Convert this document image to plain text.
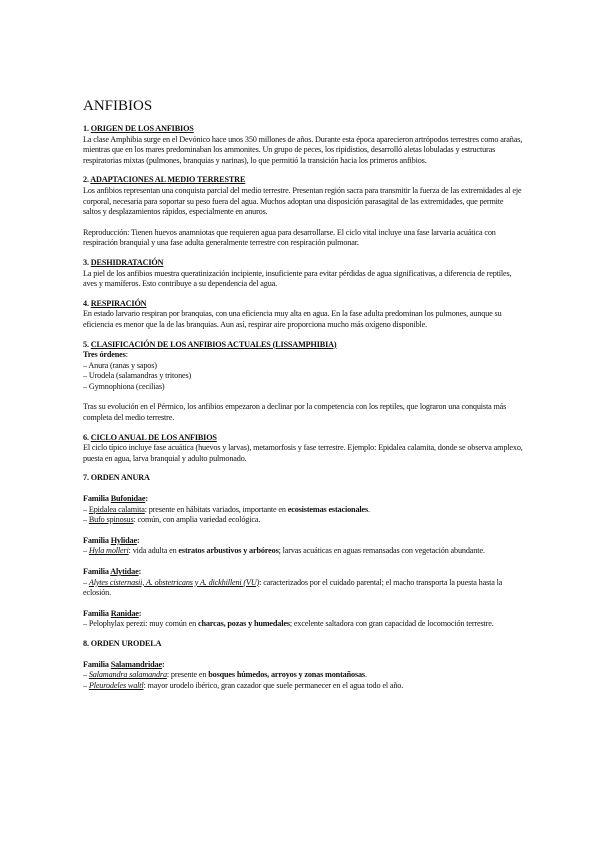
ANFIBIOS

1. ORIGEN DE LOS ANFIBIOS

La clase Amphibia surge en el Devónico hace unos 350 millones de años. Durante esta época aparecieron artrópodos terrestres como arañas, mientras que en los mares predominaban los ammonites. Un grupo de peces, los ripidistios, desarrolló aletas lobuladas y estructuras respiratorias mixtas (pulmones, branquias y narinas), lo que permitió la transición hacia los primeros anfibios.

2. ADAPTACIONES AL MEDIO TERRESTRE

Los anfibios representan una conquista parcial del medio terrestre. Presentan región sacra para transmitir la fuerza de las extremidades al eje corporal, necesaria para soportar su peso fuera del agua. Muchos adoptan una disposición parasagital de las extremidades, que permite saltos y desplazamientos rápidos, especialmente en anuros.

Reproducción: Tienen huevos anamniotas que requieren agua para desarrollarse. El ciclo vital incluye una fase larvaria acuática con respiración branquial y una fase adulta generalmente terrestre con respiración pulmonar.

3. DESHIDRATACIÓN

La piel de los anfibios muestra queratinización incipiente, insuficiente para evitar pérdidas de agua significativas, a diferencia de reptiles, aves y mamíferos. Esto contribuye a su dependencia del agua.

4. RESPIRACIÓN

En estado larvario respiran por branquias, con una eficiencia muy alta en agua. En la fase adulta predominan los pulmones, aunque su eficiencia es menor que la de las branquias. Aun así, respirar aire proporciona mucho más oxígeno disponible.

5. CLASIFICACIÓN DE LOS ANFIBIOS ACTUALES (LISSAMPHIBIA)

Tres órdenes:

– Anura (ranas y sapos)

– Urodela (salamandras y tritones)

– Gymnophiona (cecilias)

Tras su evolución en el Pérmico, los anfibios empezaron a declinar por la competencia con los reptiles, que lograron una conquista más completa del medio terrestre.

6. CICLO ANUAL DE LOS ANFIBIOS

El ciclo típico incluye fase acuática (huevos y larvas), metamorfosis y fase terrestre. Ejemplo: Epidalea calamita, donde se observa amplexo, puesta en agua, larva branquial y adulto pulmonado.

7. ORDEN ANURA

Familia Bufonidae:

– Epidalea calamita: presente en hábitats variados, importante en ecosistemas estacionales.

– Bufo spinosus: común, con amplia variedad ecológica.

Familia Hylidae:

– Hyla molleri: vida adulta en estratos arbustivos y arbóreos; larvas acuáticas en aguas remansadas con vegetación abundante.

Familia Alytidae:

– Alytes cisternasii, A. obstetricans y A. dickhilleni (VU): caracterizados por el cuidado parental; el macho transporta la puesta hasta la eclosión.

Familia Ranidae:

– Pelophylax perezi: muy común en charcas, pozas y humedales; excelente saltadora con gran capacidad de locomoción terrestre.

8. ORDEN URODELA

Familia Salamandridae:

– Salamandra salamandra: presente en bosques húmedos, arroyos y zonas montañosas.

– Pleurodeles waltl: mayor urodelo ibérico, gran cazador que suele permanecer en el agua todo el año.
